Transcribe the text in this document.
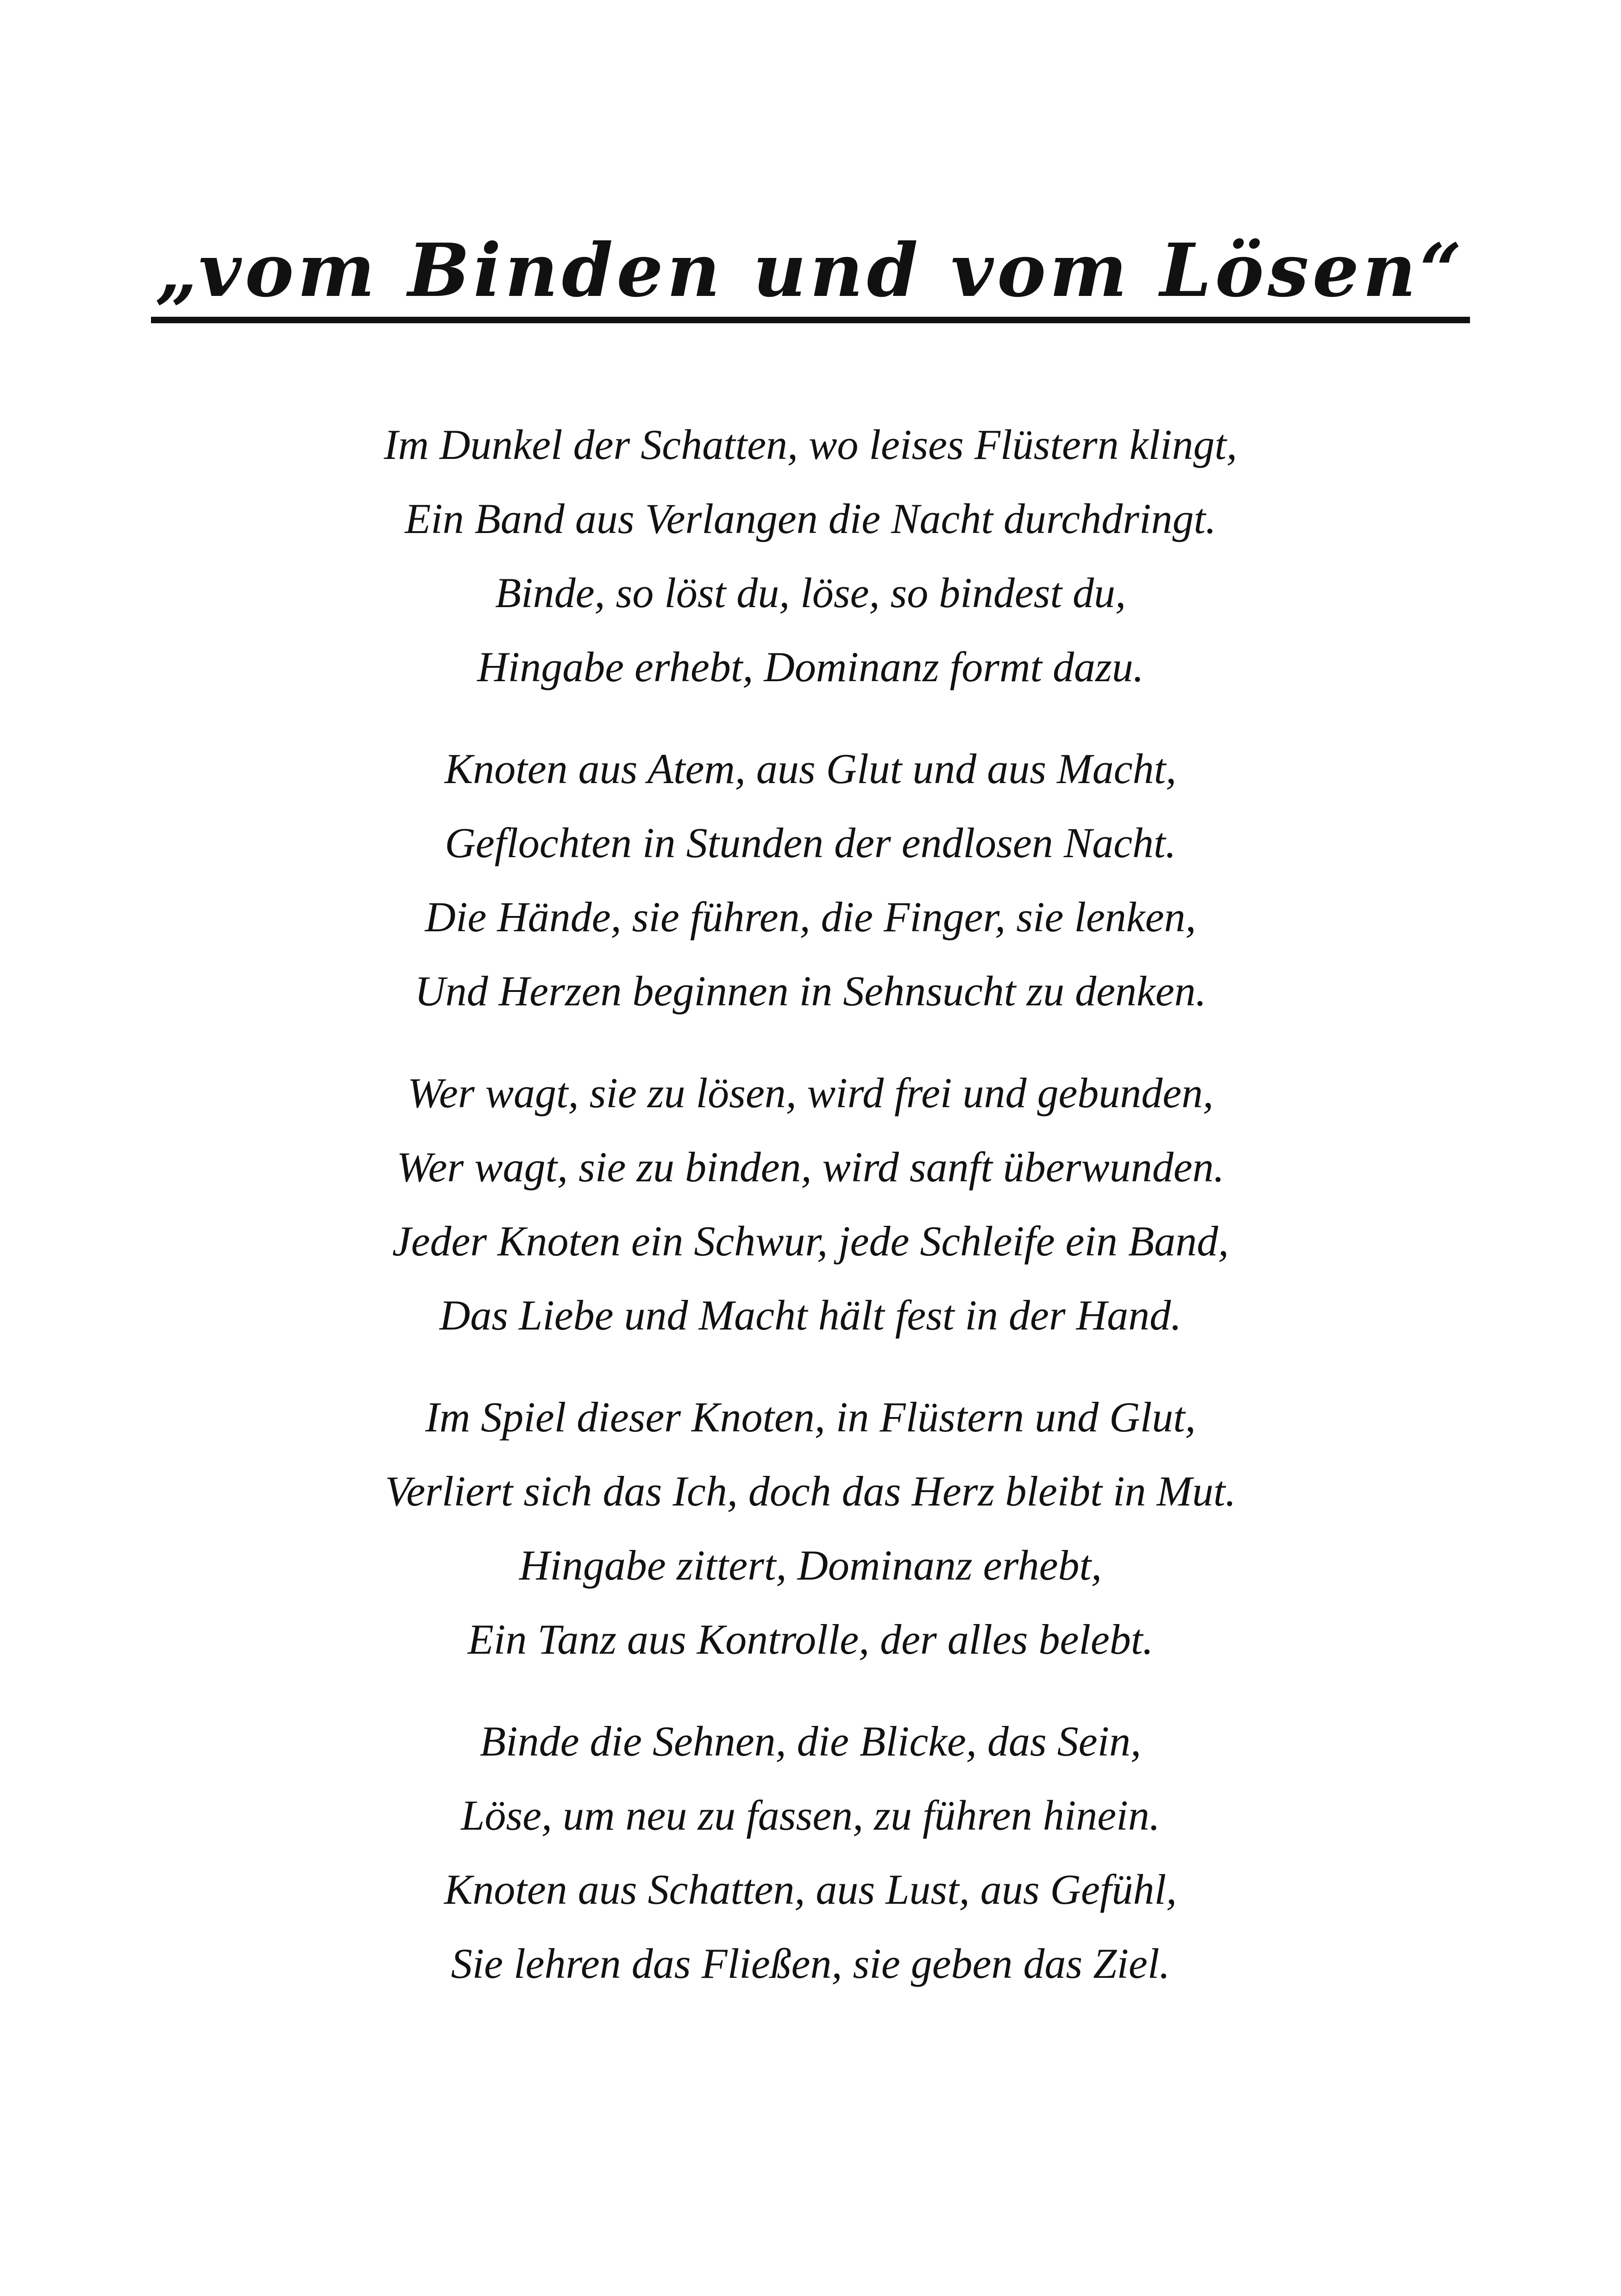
„vom Binden und vom Lösen“
Im Dunkel der Schatten, wo leises Flüstern klingt,
Ein Band aus Verlangen die Nacht durchdringt.
Binde, so löst du, löse, so bindest du,
Hingabe erhebt, Dominanz formt dazu.
Knoten aus Atem, aus Glut und aus Macht,
Geflochten in Stunden der endlosen Nacht.
Die Hände, sie führen, die Finger, sie lenken,
Und Herzen beginnen in Sehnsucht zu denken.
Wer wagt, sie zu lösen, wird frei und gebunden,
Wer wagt, sie zu binden, wird sanft überwunden.
Jeder Knoten ein Schwur, jede Schleife ein Band,
Das Liebe und Macht hält fest in der Hand.
Im Spiel dieser Knoten, in Flüstern und Glut,
Verliert sich das Ich, doch das Herz bleibt in Mut.
Hingabe zittert, Dominanz erhebt,
Ein Tanz aus Kontrolle, der alles belebt.
Binde die Sehnen, die Blicke, das Sein,
Löse, um neu zu fassen, zu führen hinein.
Knoten aus Schatten, aus Lust, aus Gefühl,
Sie lehren das Fließen, sie geben das Ziel.
